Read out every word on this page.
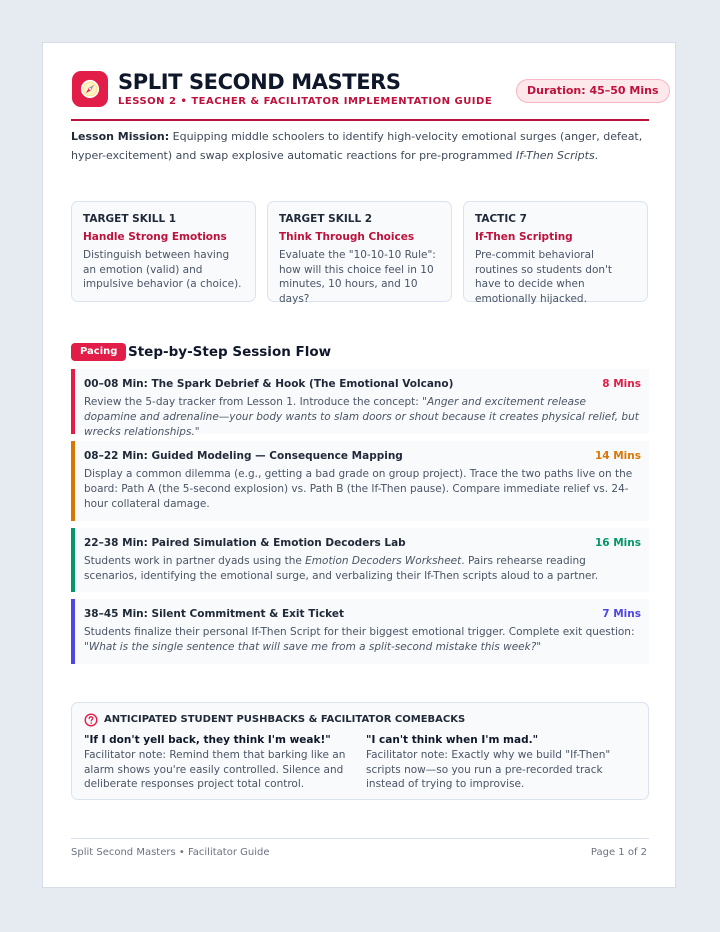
SPLIT SECOND MASTERS
LESSON 2 • TEACHER & FACILITATOR IMPLEMENTATION GUIDE
Duration: 45–50 Mins
Lesson Mission: Equipping middle schoolers to identify high-velocity emotional surges (anger, defeat, hyper-excitement) and swap explosive automatic reactions for pre-programmed If-Then Scripts.
TARGET SKILL 1
Handle Strong Emotions
Distinguish between having an emotion (valid) and impulsive behavior (a choice).
TARGET SKILL 2
Think Through Choices
Evaluate the "10-10-10 Rule": how will this choice feel in 10 minutes, 10 hours, and 10 days?
TACTIC 7
If-Then Scripting
Pre-commit behavioral routines so students don't have to decide when emotionally hijacked.
Pacing Step-by-Step Session Flow
00–08 Min: The Spark Debrief & Hook (The Emotional Volcano)	8 Mins
Review the 5-day tracker from Lesson 1. Introduce the concept: "Anger and excitement release dopamine and adrenaline—your body wants to slam doors or shout because it creates physical relief, but wrecks relationships."
08–22 Min: Guided Modeling — Consequence Mapping	14 Mins
Display a common dilemma (e.g., getting a bad grade on group project). Trace the two paths live on the board: Path A (the 5-second explosion) vs. Path B (the If-Then pause). Compare immediate relief vs. 24-hour collateral damage.
22–38 Min: Paired Simulation & Emotion Decoders Lab	16 Mins
Students work in partner dyads using the Emotion Decoders Worksheet. Pairs rehearse reading scenarios, identifying the emotional surge, and verbalizing their If-Then scripts aloud to a partner.
38–45 Min: Silent Commitment & Exit Ticket	7 Mins
Students finalize their personal If-Then Script for their biggest emotional trigger. Complete exit question: "What is the single sentence that will save me from a split-second mistake this week?"
ANTICIPATED STUDENT PUSHBACKS & FACILITATOR COMEBACKS
"If I don't yell back, they think I'm weak!"
Facilitator note: Remind them that barking like an alarm shows you're easily controlled. Silence and deliberate responses project total control.
"I can't think when I'm mad."
Facilitator note: Exactly why we build "If-Then" scripts now—so you run a pre-recorded track instead of trying to improvise.
Split Second Masters • Facilitator Guide	Page 1 of 2
